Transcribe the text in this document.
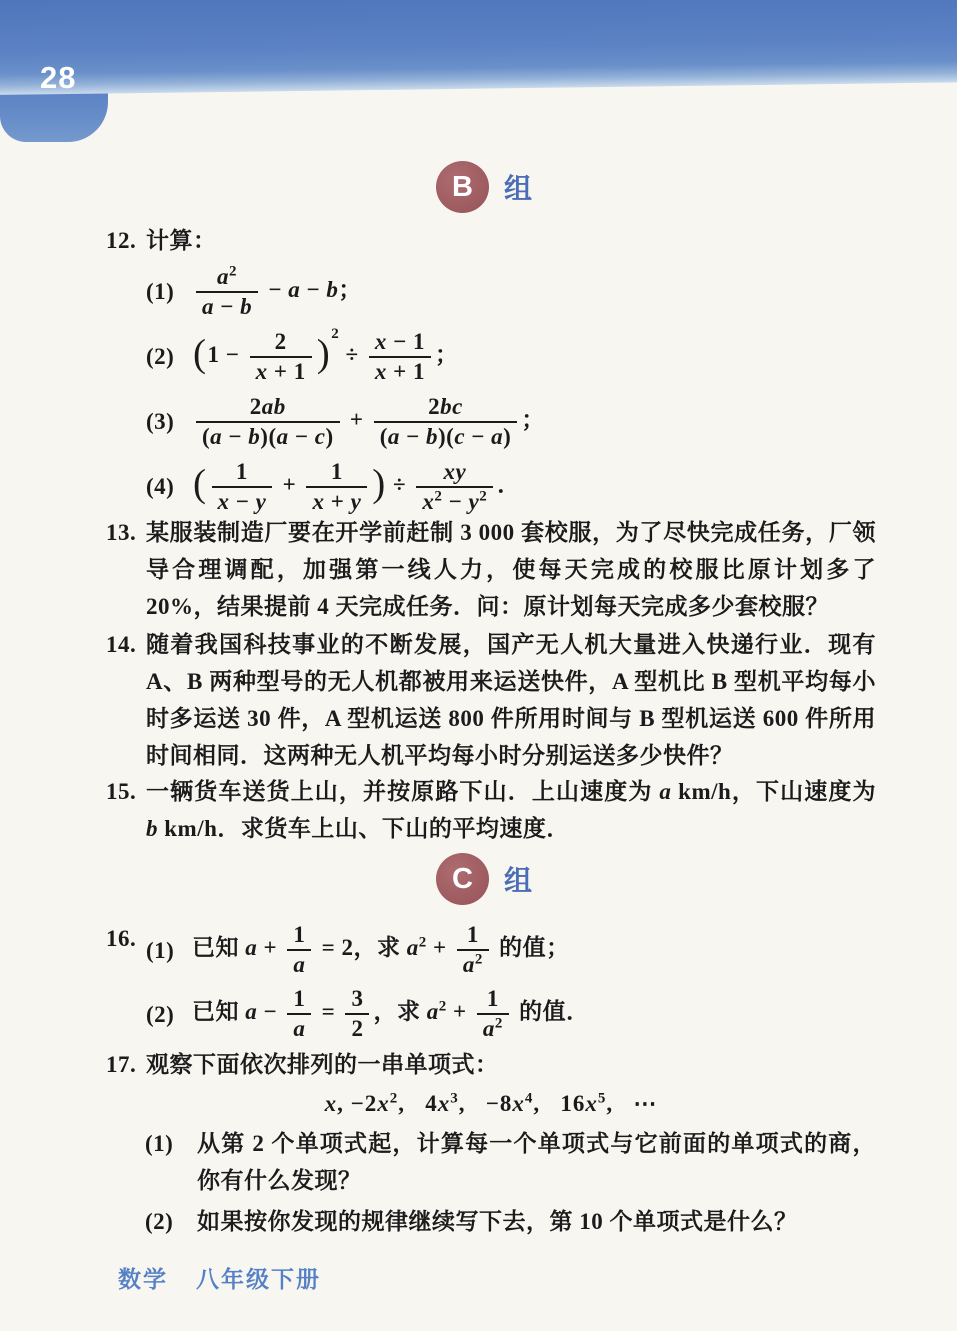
28
B	组
12. 计算：
$(1) \frac{a^2}{a - b} - a - b$；
(2) $(1 - \frac{2}{x + 1} )^2 \div \frac{x - 1}{x + 1}$ ；
$(3) \frac{2ab}{(a - b)(a - c)} + \frac{2bc}{(a - b)(c - a)}$ ；
(4) ( $\frac{1}{x - y} + \frac{1}{x + y}$ ) ÷ $\frac{xy}{x^2 - y^2}$ ．
13. 某服装制造厂要在开学前赶制 3 000 套校服，为了尽快完成任务，厂领导合理调配，加强第一线人力，使每天完成的校服比原计划多了 20%，结果提前 4 天完成任务．问：原计划每天完成多少套校服？
14. 随着我国科技事业的不断发展，国产无人机大量进入快递行业．现有 A、B 两种型号的无人机都被用来运送快件，A 型机比 B 型机平均每小时多运送 30 件，A 型机运送 800 件所用时间与 B 型机运送 600 件所用时间相同．这两种无人机平均每小时分别运送多少快件？
15. 一辆货车送货上山，并按原路下山．上山速度为 a km/h，下山速度为 b km/h．求货车上山、下山的平均速度．
C	组
16. (1) 已知 $a + \frac{1}{a} = 2$，求 $a^2 + \frac{1}{a^2}$ 的值；
(2) 已知 $a - \frac{1}{a} = \frac{3}{2}$ ，求 $a^2 + \frac{1}{a^2}$ 的值．
17. 观察下面依次排列的一串单项式：
x, $-2x^2$,   $4x^3$,   $-8x^4$,   $16x^5$,   ⋯
(1) 从第 2 个单项式起，计算每一个单项式与它前面的单项式的商，你有什么发现？
(2) 如果按你发现的规律继续写下去，第 10 个单项式是什么？
数学 八年级下册
